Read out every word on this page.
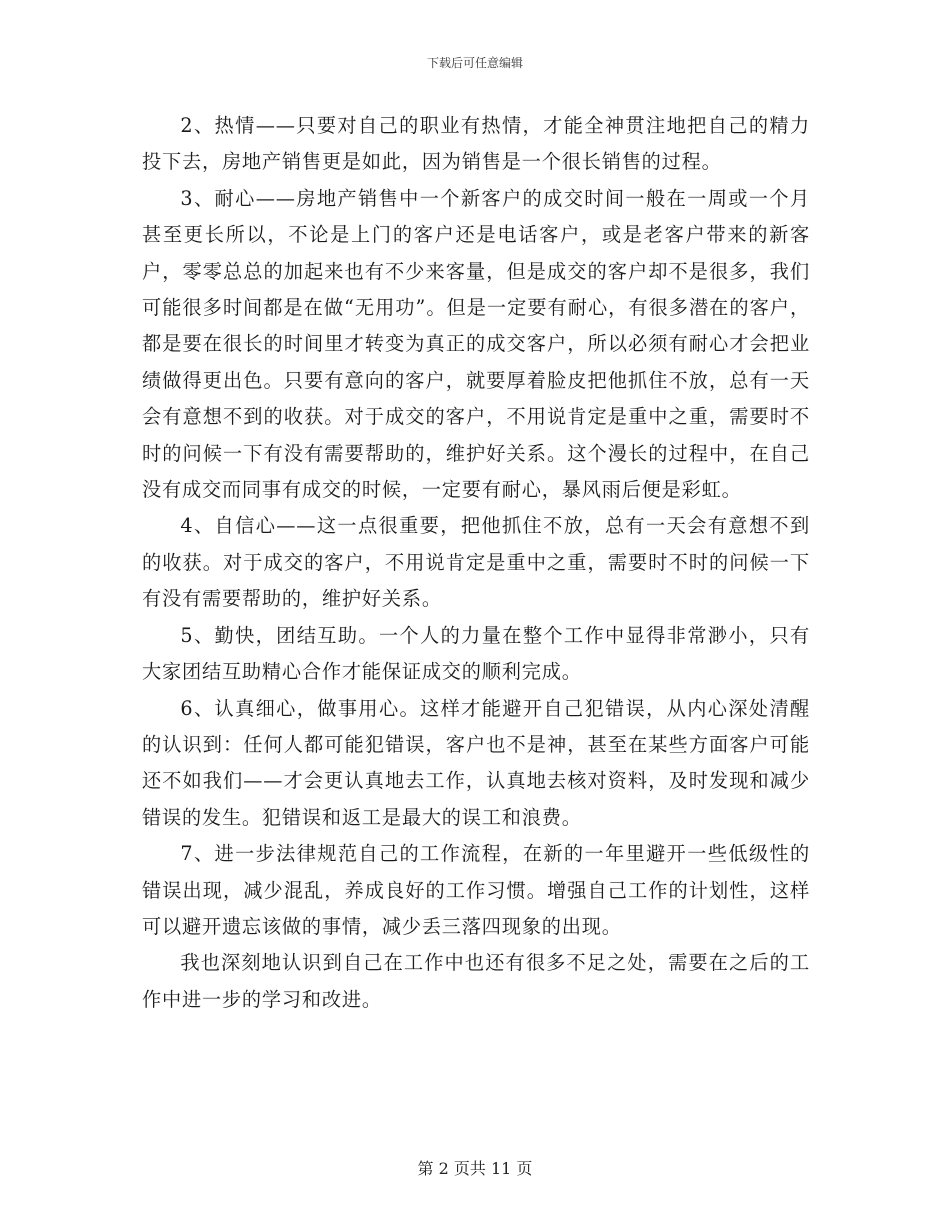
下载后可任意编辑

2、热情——只要对自己的职业有热情，才能全神贯注地把自己的精力投下去，房地产销售更是如此，因为销售是一个很长销售的过程。

3、耐心——房地产销售中一个新客户的成交时间一般在一周或一个月甚至更长所以，不论是上门的客户还是电话客户，或是老客户带来的新客户，零零总总的加起来也有不少来客量，但是成交的客户却不是很多，我们可能很多时间都是在做“无用功”。但是一定要有耐心，有很多潜在的客户，都是要在很长的时间里才转变为真正的成交客户，所以必须有耐心才会把业绩做得更出色。只要有意向的客户，就要厚着脸皮把他抓住不放，总有一天会有意想不到的收获。对于成交的客户，不用说肯定是重中之重，需要时不时的问候一下有没有需要帮助的，维护好关系。这个漫长的过程中，在自己没有成交而同事有成交的时候，一定要有耐心，暴风雨后便是彩虹。

4、自信心——这一点很重要，把他抓住不放，总有一天会有意想不到的收获。对于成交的客户，不用说肯定是重中之重，需要时不时的问候一下有没有需要帮助的，维护好关系。

5、勤快，团结互助。一个人的力量在整个工作中显得非常渺小，只有大家团结互助精心合作才能保证成交的顺利完成。

6、认真细心，做事用心。这样才能避开自己犯错误，从内心深处清醒的认识到：任何人都可能犯错误，客户也不是神，甚至在某些方面客户可能还不如我们——才会更认真地去工作，认真地去核对资料，及时发现和减少错误的发生。犯错误和返工是最大的误工和浪费。

7、进一步法律规范自己的工作流程，在新的一年里避开一些低级性的错误出现，减少混乱，养成良好的工作习惯。增强自己工作的计划性，这样可以避开遗忘该做的事情，减少丢三落四现象的出现。

我也深刻地认识到自己在工作中也还有很多不足之处，需要在之后的工作中进一步的学习和改进。

第 2 页共 11 页
